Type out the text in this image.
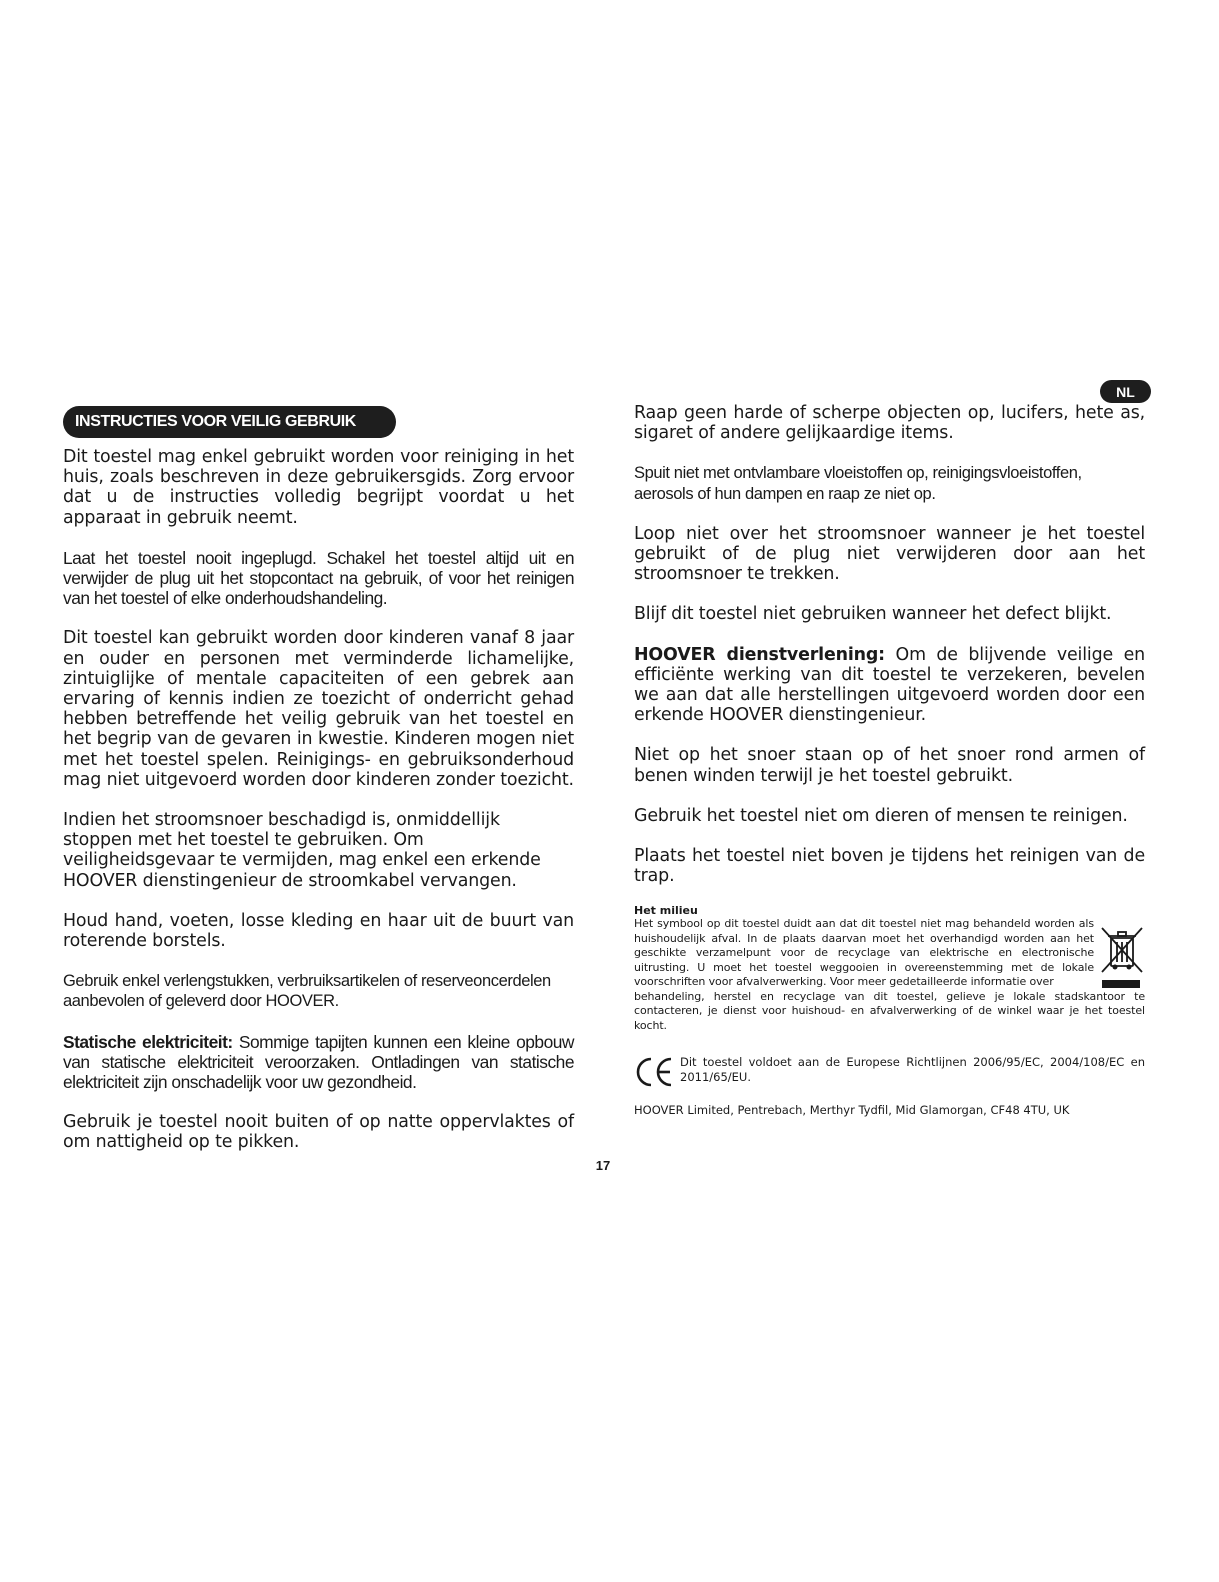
NL
INSTRUCTIES VOOR VEILIG GEBRUIK

Dit toestel mag enkel gebruikt worden voor reiniging in het huis, zoals beschreven in deze gebruikersgids. Zorg ervoor dat u de instructies volledig begrijpt voordat u het apparaat in gebruik neemt.

Laat het toestel nooit ingeplugd. Schakel het toestel altijd uit en verwijder de plug uit het stopcontact na gebruik, of voor het reinigen van het toestel of elke onderhoudshandeling.

Dit toestel kan gebruikt worden door kinderen vanaf 8 jaar en ouder en personen met verminderde lichamelijke, zintuiglijke of mentale capaciteiten of een gebrek aan ervaring of kennis indien ze toezicht of onderricht gehad hebben betreffende het veilig gebruik van het toestel en het begrip van de gevaren in kwestie. Kinderen mogen niet met het toestel spelen. Reinigings- en gebruiksonderhoud mag niet uitgevoerd worden door kinderen zonder toezicht.

Indien het stroomsnoer beschadigd is, onmiddellijk stoppen met het toestel te gebruiken. Om veiligheidsgevaar te vermijden, mag enkel een erkende HOOVER dienstingenieur de stroomkabel vervangen.

Houd hand, voeten, losse kleding en haar uit de buurt van roterende borstels.

Gebruik enkel verlengstukken, verbruiksartikelen of reserveoncerdelen aanbevolen of geleverd door HOOVER.

Statische elektriciteit: Sommige tapijten kunnen een kleine opbouw van statische elektriciteit veroorzaken. Ontladingen van statische elektriciteit zijn onschadelijk voor uw gezondheid.

Gebruik je toestel nooit buiten of op natte oppervlaktes of om nattigheid op te pikken.

Raap geen harde of scherpe objecten op, lucifers, hete as, sigaret of andere gelijkaardige items.

Spuit niet met ontvlambare vloeistoffen op, reinigingsvloeistoffen, aerosols of hun dampen en raap ze niet op.

Loop niet over het stroomsnoer wanneer je het toestel gebruikt of de plug niet verwijderen door aan het stroomsnoer te trekken.

Blijf dit toestel niet gebruiken wanneer het defect blijkt.

HOOVER dienstverlening: Om de blijvende veilige en efficiënte werking van dit toestel te verzekeren, bevelen we aan dat alle herstellingen uitgevoerd worden door een erkende HOOVER dienstingenieur.

Niet op het snoer staan op of het snoer rond armen of benen winden terwijl je het toestel gebruikt.

Gebruik het toestel niet om dieren of mensen te reinigen.

Plaats het toestel niet boven je tijdens het reinigen van de trap.

Het milieu

Het symbool op dit toestel duidt aan dat dit toestel niet mag behandeld worden als huishoudelijk afval. In de plaats daarvan moet het overhandigd worden aan het geschikte verzamelpunt voor de recyclage van elektrische en electronische uitrusting. U moet het toestel weggooien in overeenstemming met de lokale voorschriften voor afvalverwerking. Voor meer gedetailleerde informatie over
behandeling, herstel en recyclage van dit toestel, gelieve je lokale stadskantoor te contacteren, je dienst voor huishoud- en afvalverwerking of de winkel waar je het toestel kocht.

Dit toestel voldoet aan de Europese Richtlijnen 2006/95/EC, 2004/108/EC en 2011/65/EU.

HOOVER Limited, Pentrebach, Merthyr Tydfil, Mid Glamorgan, CF48 4TU, UK
17
